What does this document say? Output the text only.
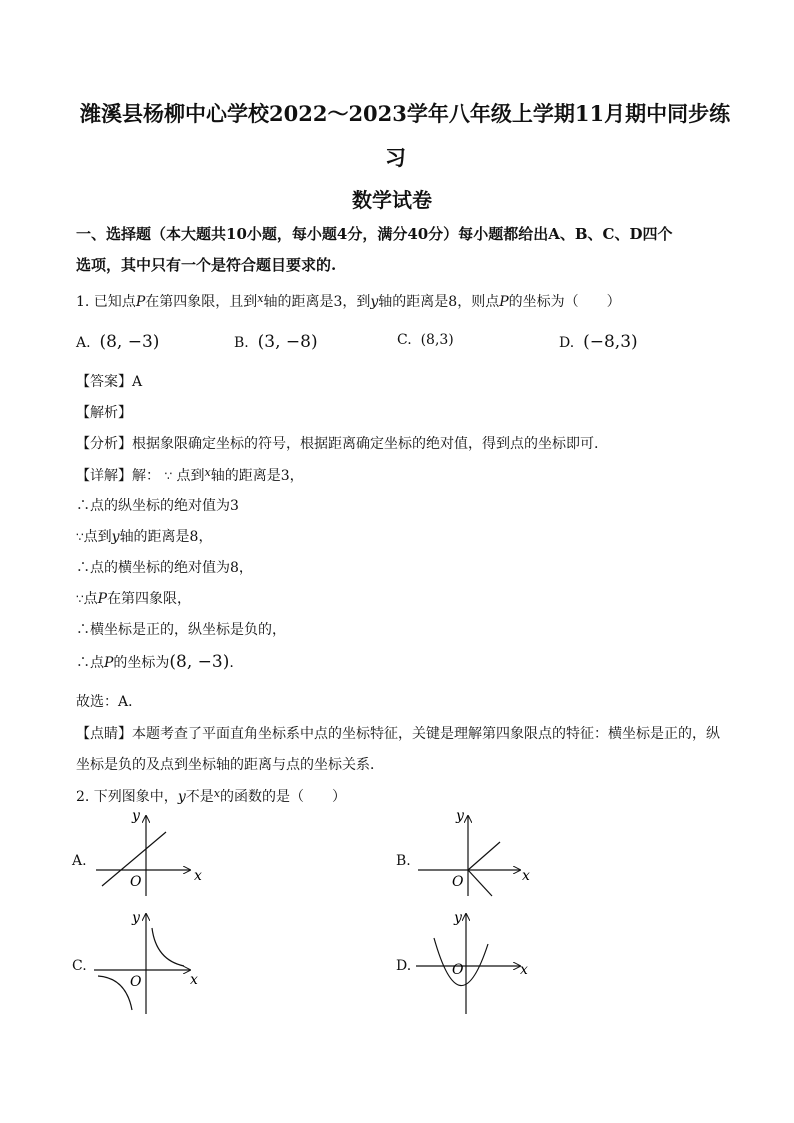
潍溪县杨柳中心学校2022～2023学年八年级上学期11月期中同步练
习
数学试卷
一、选择题（本大题共10小题，每小题4分，满分40分）每小题都给出A、B、C、D四个
选项，其中只有一个是符合题目要求的.
1. 已知点P在第四象限，且到$^x$轴的距离是3，到y轴的距离是8，则点P的坐标为（　　）
A. (8, −3)	B. (3, −8)	C. (8,3)	D. (−8,3)
【答案】A
【解析】
【分析】根据象限确定坐标的符号，根据距离确定坐标的绝对值，得到点的坐标即可.
【详解】解： ∵ 点到$^x$轴的距离是3，
∴点的纵坐标的绝对值为3
∵点到y轴的距离是8，
∴点的横坐标的绝对值为8，
∵点P在第四象限，
∴横坐标是正的，纵坐标是负的，
∴点P的坐标为(8, −3).
故选：A．
【点睛】本题考查了平面直角坐标系中点的坐标特征，关键是理解第四象限点的特征：横坐标是正的，纵
坐标是负的及点到坐标轴的距离与点的坐标关系．
2. 下列图象中，y不是$^x$的函数的是（　　）
A.	B.
C.	D.
O	x
y
O	x
y
O	x
y
O	x
y
